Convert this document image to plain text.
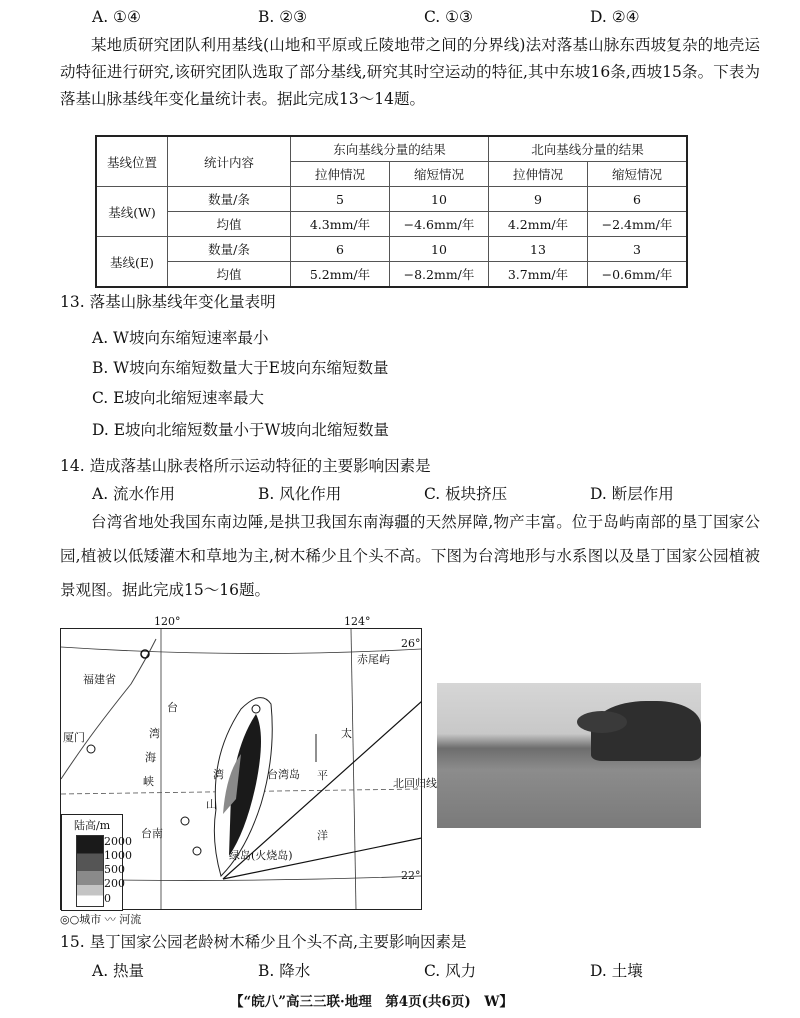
A. ①④	B. ②③	C. ①③	D. ②④
某地质研究团队利用基线(山地和平原或丘陵地带之间的分界线)法对落基山脉东西坡复杂的地壳运动特征进行研究,该研究团队选取了部分基线,研究其时空运动的特征,其中东坡16条,西坡15条。下表为落基山脉基线年变化量统计表。据此完成13～14题。
基线位置	统计内容	东向基线分量的结果		北向基线分量的结果	
		拉伸情况	缩短情况	拉伸情况	缩短情况
基线(W)	数量/条	5	10	9	6
	均值	4.3mm/年	−4.6mm/年	4.2mm/年	−2.4mm/年
基线(E)	数量/条	6	10	13	3
	均值	5.2mm/年	−8.2mm/年	3.7mm/年	−0.6mm/年
13. 落基山脉基线年变化量表明
A. W坡向东缩短速率最小
B. W坡向东缩短数量大于E坡向东缩短数量
C. E坡向北缩短速率最大
D. E坡向北缩短数量小于W坡向北缩短数量
14. 造成落基山脉表格所示运动特征的主要影响因素是
A. 流水作用	B. 风化作用	C. 板块挤压	D. 断层作用
台湾省地处我国东南边陲,是拱卫我国东南海疆的天然屏障,物产丰富。位于岛屿南部的垦丁国家公园,植被以低矮灌木和草地为主,树木稀少且个头不高。下图为台湾地形与水系图以及垦丁国家公园植被景观图。据此完成15～16题。
120°	124°
26°
22°
赤尾屿
福建省
厦门
台
湾
海
峡
台
湾
山
台湾岛
太
平
洋
北回归线
台南
绿岛(火烧岛)
陆高/m
2000
1000
500
200
0
◎○城市 〰 河流
15. 垦丁国家公园老龄树木稀少且个头不高,主要影响因素是
A. 热量	B. 降水	C. 风力	D. 土壤
【“皖八”高三三联·地理　第4页(共6页)　W】
